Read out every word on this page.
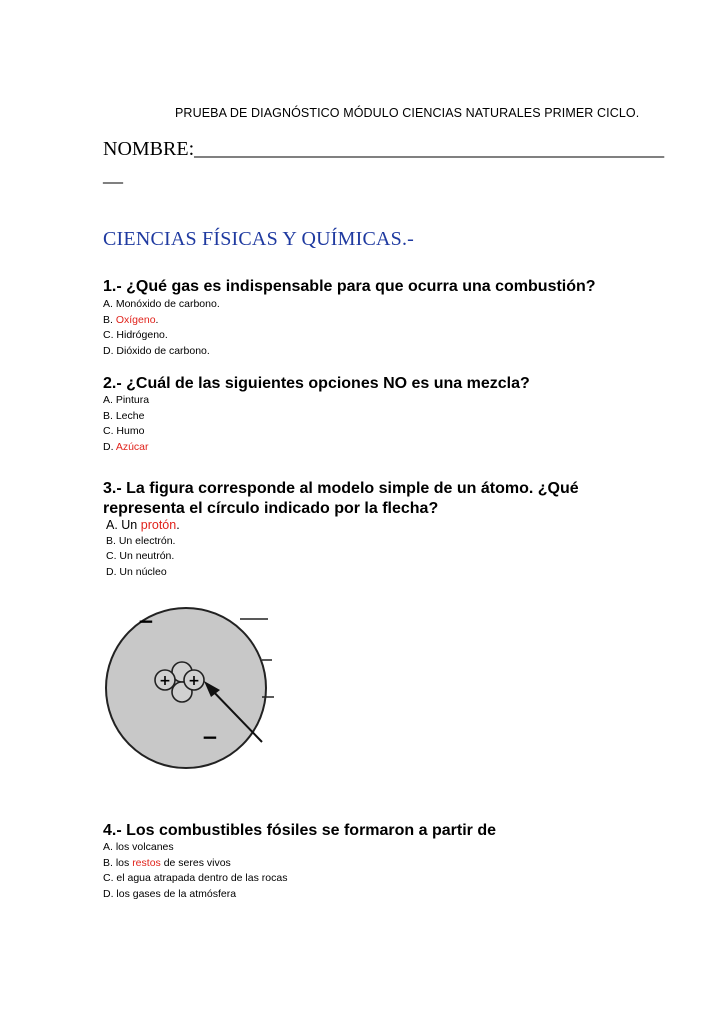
PRUEBA DE DIAGNÓSTICO MÓDULO CIENCIAS NATURALES PRIMER CICLO.
NOMBRE:_______________________________________________
__
CIENCIAS FÍSICAS Y QUÍMICAS.-
1.- ¿Qué gas es indispensable para que ocurra una combustión?
A. Monóxido de carbono.
B. Oxígeno.
C. Hidrógeno.
D. Dióxido de carbono.
2.- ¿Cuál de las siguientes opciones NO es una mezcla?
A. Pintura
B. Leche
C. Humo
D. Azúcar
3.- La figura corresponde al modelo simple de un átomo. ¿Qué
representa el círculo indicado por la flecha?
A. Un protón.
B. Un electrón.
C. Un neutrón.
D. Un núcleo
+ +
−
−
4.- Los combustibles fósiles se formaron a partir de
A. los volcanes
B. los restos de seres vivos
C. el agua atrapada dentro de las rocas
D. los gases de la atmósfera
